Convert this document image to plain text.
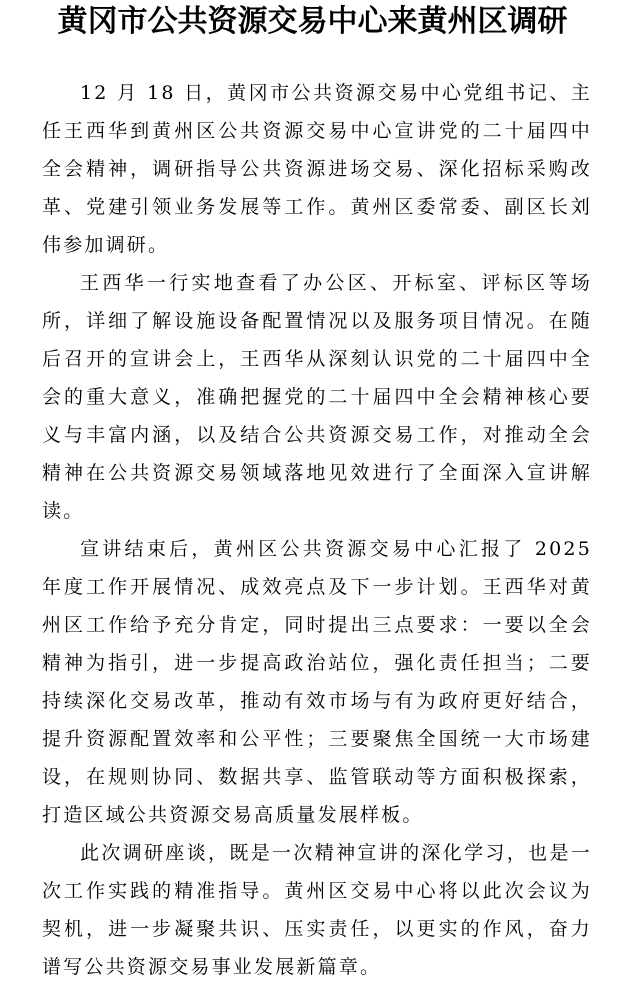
黄冈市公共资源交易中心来黄州区调研

12 月 18 日，黄冈市公共资源交易中心党组书记、主任王西华到黄州区公共资源交易中心宣讲党的二十届四中全会精神，调研指导公共资源进场交易、深化招标采购改革、党建引领业务发展等工作。黄州区委常委、副区长刘伟参加调研。

王西华一行实地查看了办公区、开标室、评标区等场所，详细了解设施设备配置情况以及服务项目情况。在随后召开的宣讲会上，王西华从深刻认识党的二十届四中全会的重大意义，准确把握党的二十届四中全会精神核心要义与丰富内涵，以及结合公共资源交易工作，对推动全会精神在公共资源交易领域落地见效进行了全面深入宣讲解读。

宣讲结束后，黄州区公共资源交易中心汇报了 2025 年度工作开展情况、成效亮点及下一步计划。王西华对黄州区工作给予充分肯定，同时提出三点要求：一要以全会精神为指引，进一步提高政治站位，强化责任担当；二要持续深化交易改革，推动有效市场与有为政府更好结合，提升资源配置效率和公平性；三要聚焦全国统一大市场建设，在规则协同、数据共享、监管联动等方面积极探索，打造区域公共资源交易高质量发展样板。

此次调研座谈，既是一次精神宣讲的深化学习，也是一次工作实践的精准指导。黄州区交易中心将以此次会议为契机，进一步凝聚共识、压实责任，以更实的作风，奋力谱写公共资源交易事业发展新篇章。
